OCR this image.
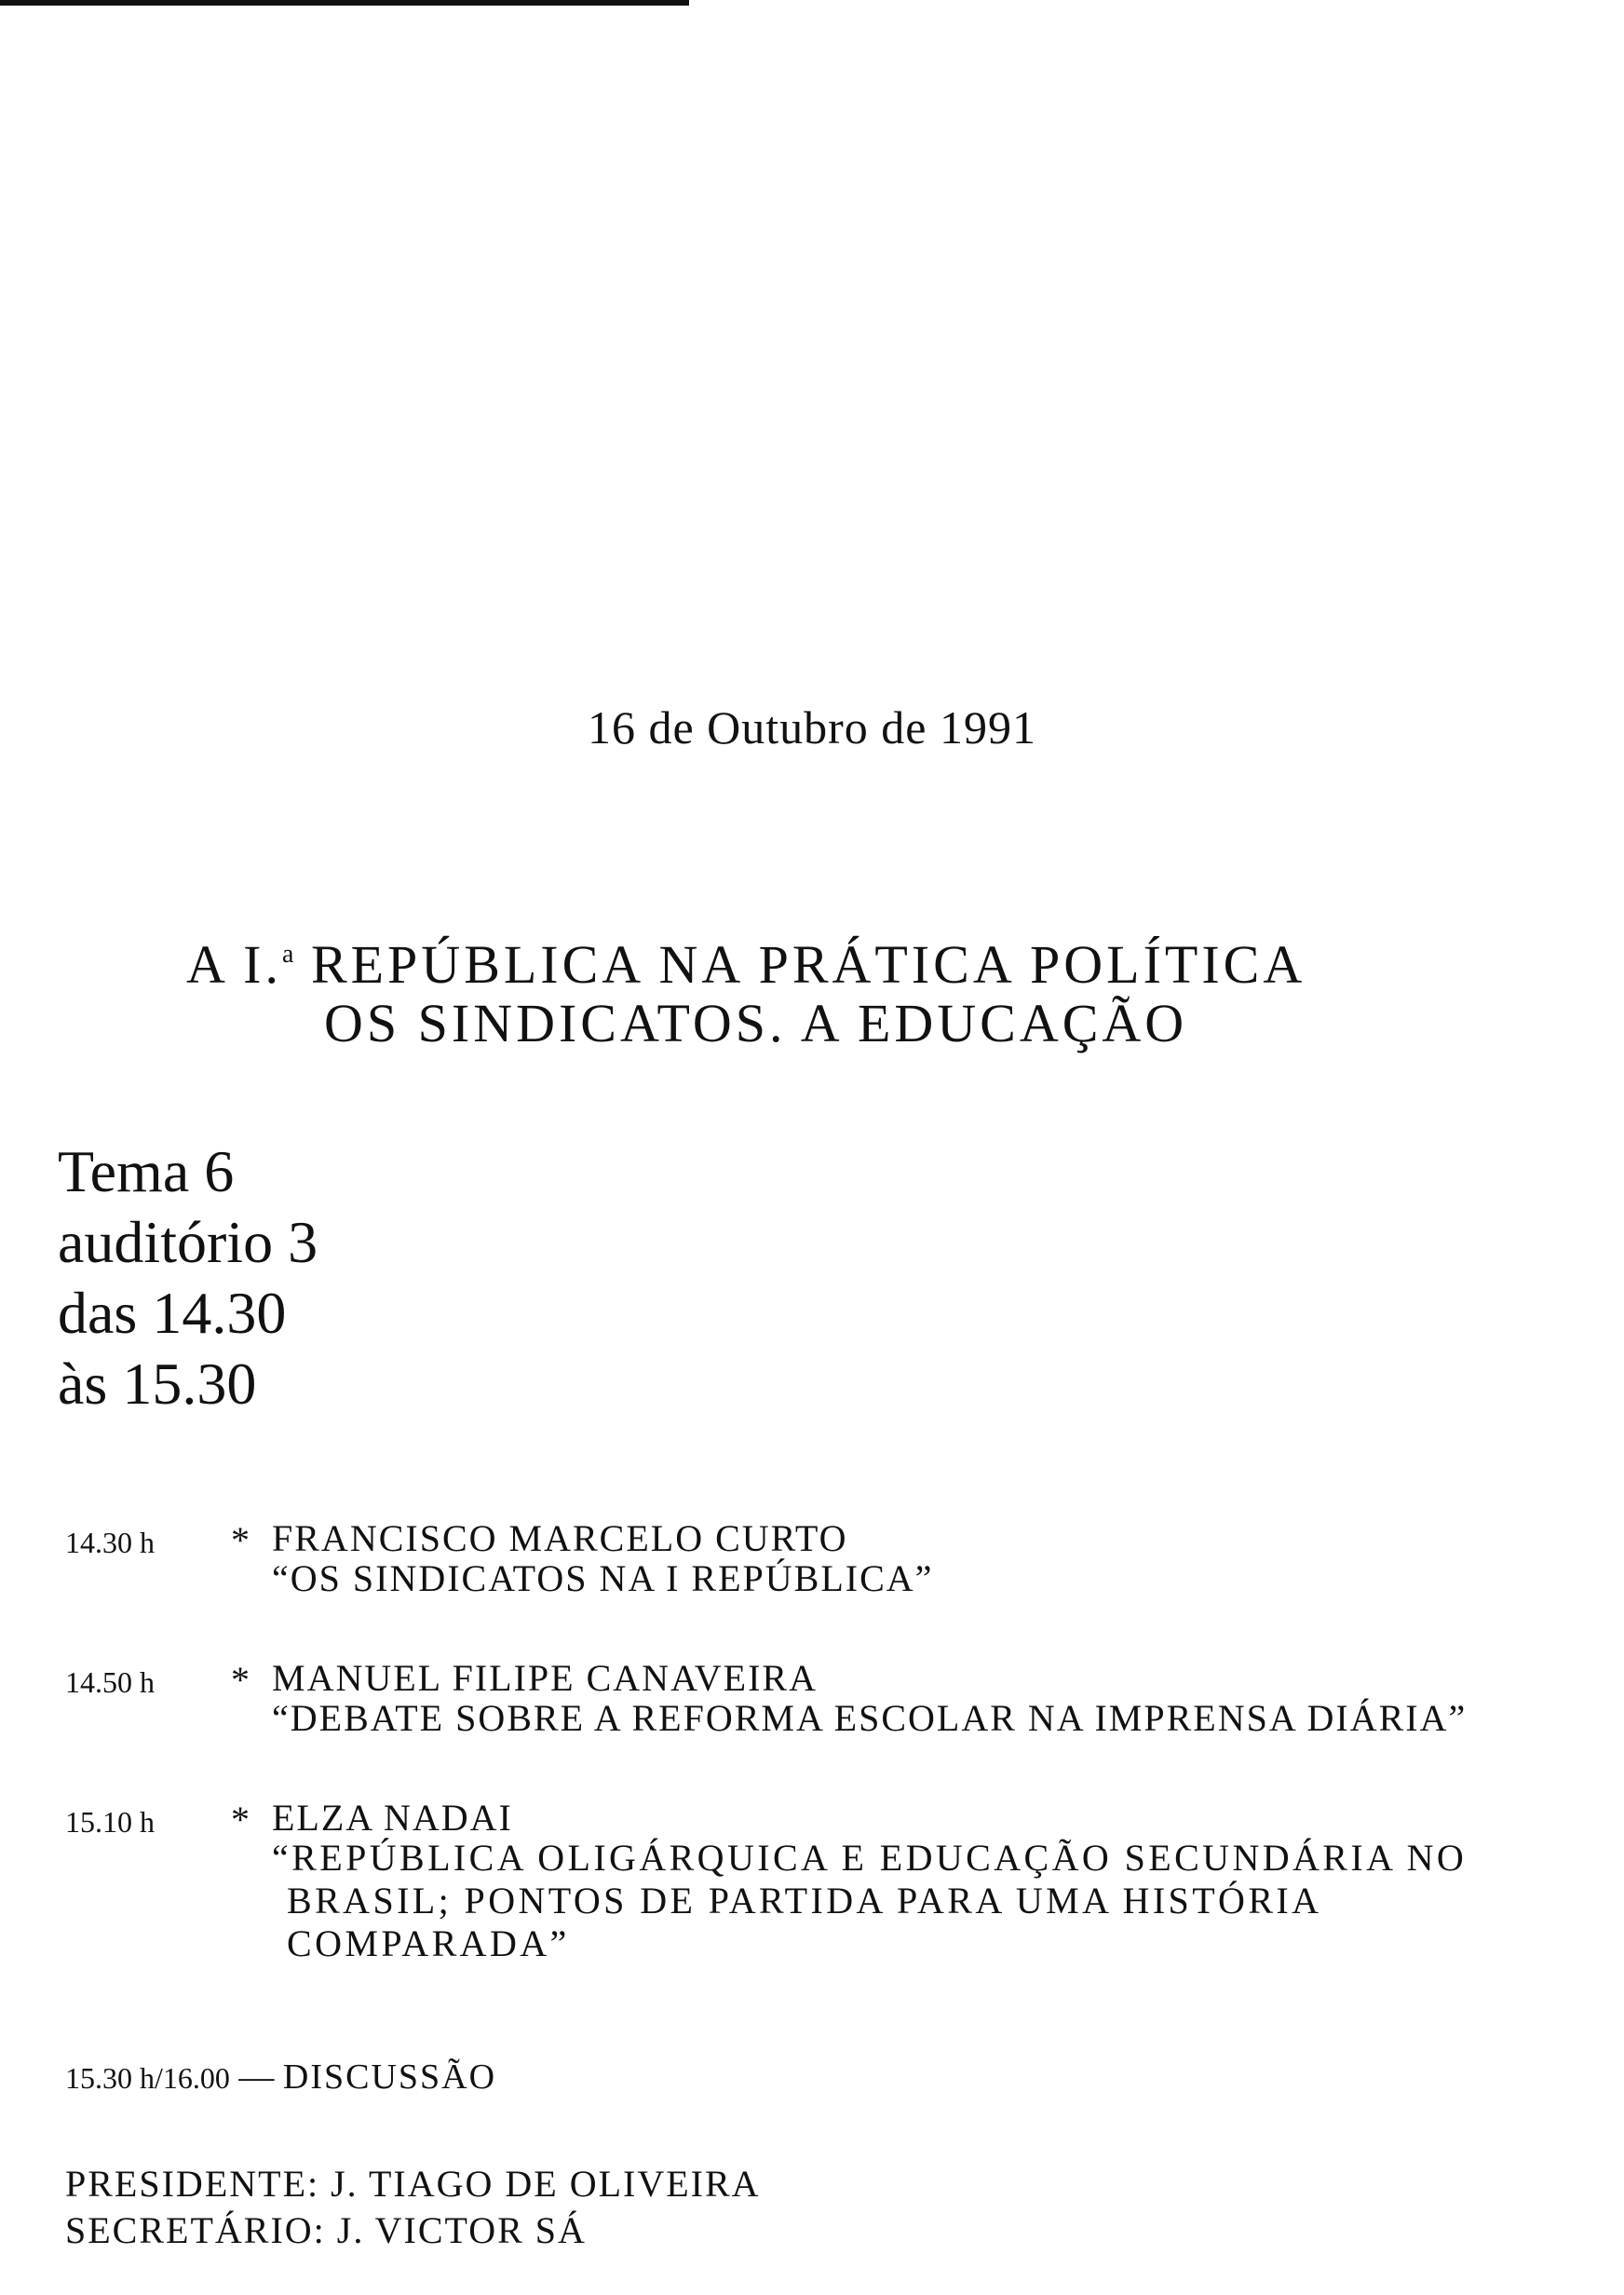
16 de Outubro de 1991
A I.$^a$ REPÚBLICA NA PRÁTICA POLÍTICA
OS SINDICATOS. A EDUCAÇÃO
Tema 6
auditório 3
das 14.30
às 15.30
14.30 h * FRANCISCO MARCELO CURTO
“OS SINDICATOS NA I REPÚBLICA”
14.50 h * MANUEL FILIPE CANAVEIRA
“DEBATE SOBRE A REFORMA ESCOLAR NA IMPRENSA DIÁRIA”
15.10 h * ELZA NADAI
“REPÚBLICA OLIGÁRQUICA E EDUCAÇÃO SECUNDÁRIA NO
BRASIL; PONTOS DE PARTIDA PARA UMA HISTÓRIA
COMPARADA”
15.30 h/16.00 — DISCUSSÃO
PRESIDENTE: J. TIAGO DE OLIVEIRA
SECRETÁRIO: J. VICTOR SÁ
